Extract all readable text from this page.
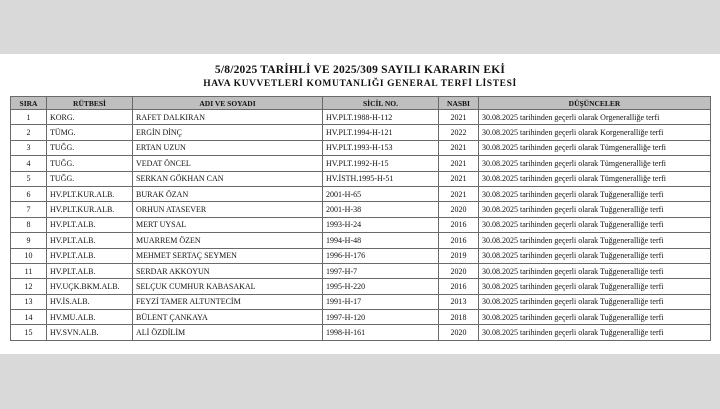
5/8/2025 TARİHLİ VE 2025/309 SAYILI KARARIN EKİ
HAVA KUVVETLERİ KOMUTANLIĞI GENERAL TERFİ LİSTESİ
SIRA	RÜTBESİ	ADI VE SOYADI	SİCİL NO.	NASBI	DÜŞÜNCELER
1	KORG.	RAFET DALKIRAN	HV.PLT.1988-H-112	2021	30.08.2025 tarihinden geçerli olarak Orgeneralliğe terfi
2	TÜMG.	ERGİN DİNÇ	HV.PLT.1994-H-121	2022	30.08.2025 tarihinden geçerli olarak Korgeneralliğe terfi
3	TUĞG.	ERTAN UZUN	HV.PLT.1993-H-153	2021	30.08.2025 tarihinden geçerli olarak Tümgeneralliğe terfi
4	TUĞG.	VEDAT ÖNCEL	HV.PLT.1992-H-15	2021	30.08.2025 tarihinden geçerli olarak Tümgeneralliğe terfi
5	TUĞG.	SERKAN GÖKHAN CAN	HV.İSTH.1995-H-51	2021	30.08.2025 tarihinden geçerli olarak Tümgeneralliğe terfi
6	HV.PLT.KUR.ALB.	BURAK ÖZAN	2001-H-65	2021	30.08.2025 tarihinden geçerli olarak Tuğgeneralliğe terfi
7	HV.PLT.KUR.ALB.	ORHUN ATASEVER	2001-H-38	2020	30.08.2025 tarihinden geçerli olarak Tuğgeneralliğe terfi
8	HV.PLT.ALB.	MERT UYSAL	1993-H-24	2016	30.08.2025 tarihinden geçerli olarak Tuğgeneralliğe terfi
9	HV.PLT.ALB.	MUARREM ÖZEN	1994-H-48	2016	30.08.2025 tarihinden geçerli olarak Tuğgeneralliğe terfi
10	HV.PLT.ALB.	MEHMET SERTAÇ SEYMEN	1996-H-176	2019	30.08.2025 tarihinden geçerli olarak Tuğgeneralliğe terfi
11	HV.PLT.ALB.	SERDAR AKKOYUN	1997-H-7	2020	30.08.2025 tarihinden geçerli olarak Tuğgeneralliğe terfi
12	HV.UÇK.BKM.ALB.	SELÇUK CUMHUR KABASAKAL	1995-H-220	2016	30.08.2025 tarihinden geçerli olarak Tuğgeneralliğe terfi
13	HV.İS.ALB.	FEYZİ TAMER ALTUNTECİM	1991-H-17	2013	30.08.2025 tarihinden geçerli olarak Tuğgeneralliğe terfi
14	HV.MU.ALB.	BÜLENT ÇANKAYA	1997-H-120	2018	30.08.2025 tarihinden geçerli olarak Tuğgeneralliğe terfi
15	HV.SVN.ALB.	ALİ ÖZDİLİM	1998-H-161	2020	30.08.2025 tarihinden geçerli olarak Tuğgeneralliğe terfi
